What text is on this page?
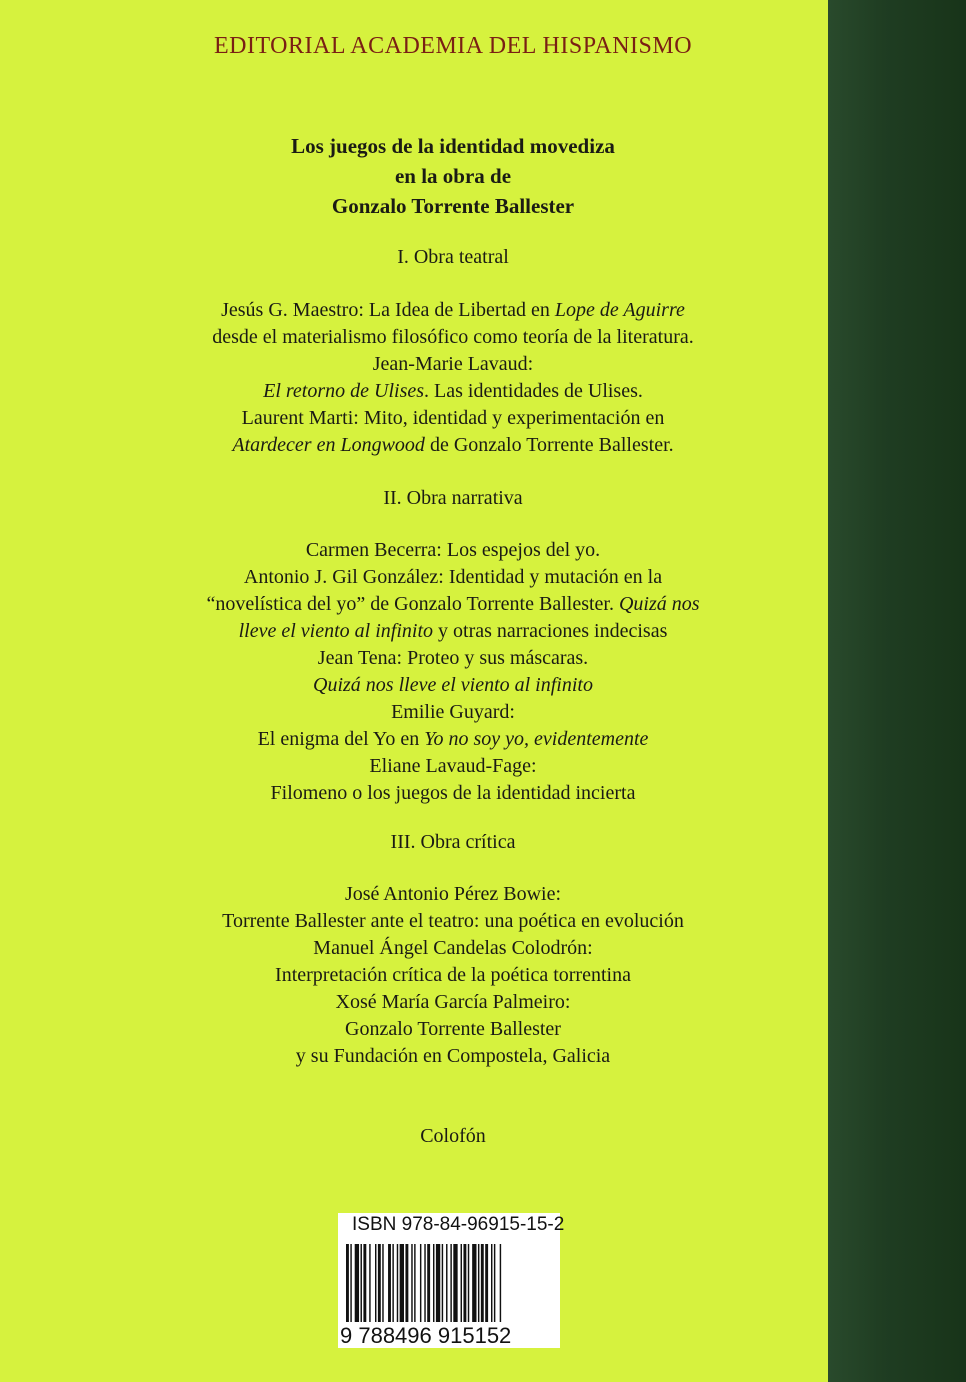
EDITORIAL ACADEMIA DEL HISPANISMO
Los juegos de la identidad movediza
en la obra de
Gonzalo Torrente Ballester
I. Obra teatral
Jesús G. Maestro: La Idea de Libertad en Lope de Aguirre
desde el materialismo filosófico como teoría de la literatura.
Jean-Marie Lavaud:
El retorno de Ulises. Las identidades de Ulises.
Laurent Marti: Mito, identidad y experimentación en
Atardecer en Longwood de Gonzalo Torrente Ballester.
II. Obra narrativa
Carmen Becerra: Los espejos del yo.
Antonio J. Gil González: Identidad y mutación en la
“novelística del yo” de Gonzalo Torrente Ballester. Quizá nos
lleve el viento al infinito y otras narraciones indecisas
Jean Tena: Proteo y sus máscaras.
Quizá nos lleve el viento al infinito
Emilie Guyard:
El enigma del Yo en Yo no soy yo, evidentemente
Eliane Lavaud-Fage:
Filomeno o los juegos de la identidad incierta
III. Obra crítica
José Antonio Pérez Bowie:
Torrente Ballester ante el teatro: una poética en evolución
Manuel Ángel Candelas Colodrón:
Interpretación crítica de la poética torrentina
Xosé María García Palmeiro:
Gonzalo Torrente Ballester
y su Fundación en Compostela, Galicia
Colofón
ISBN 978-84-96915-15-2
9 788496 915152
